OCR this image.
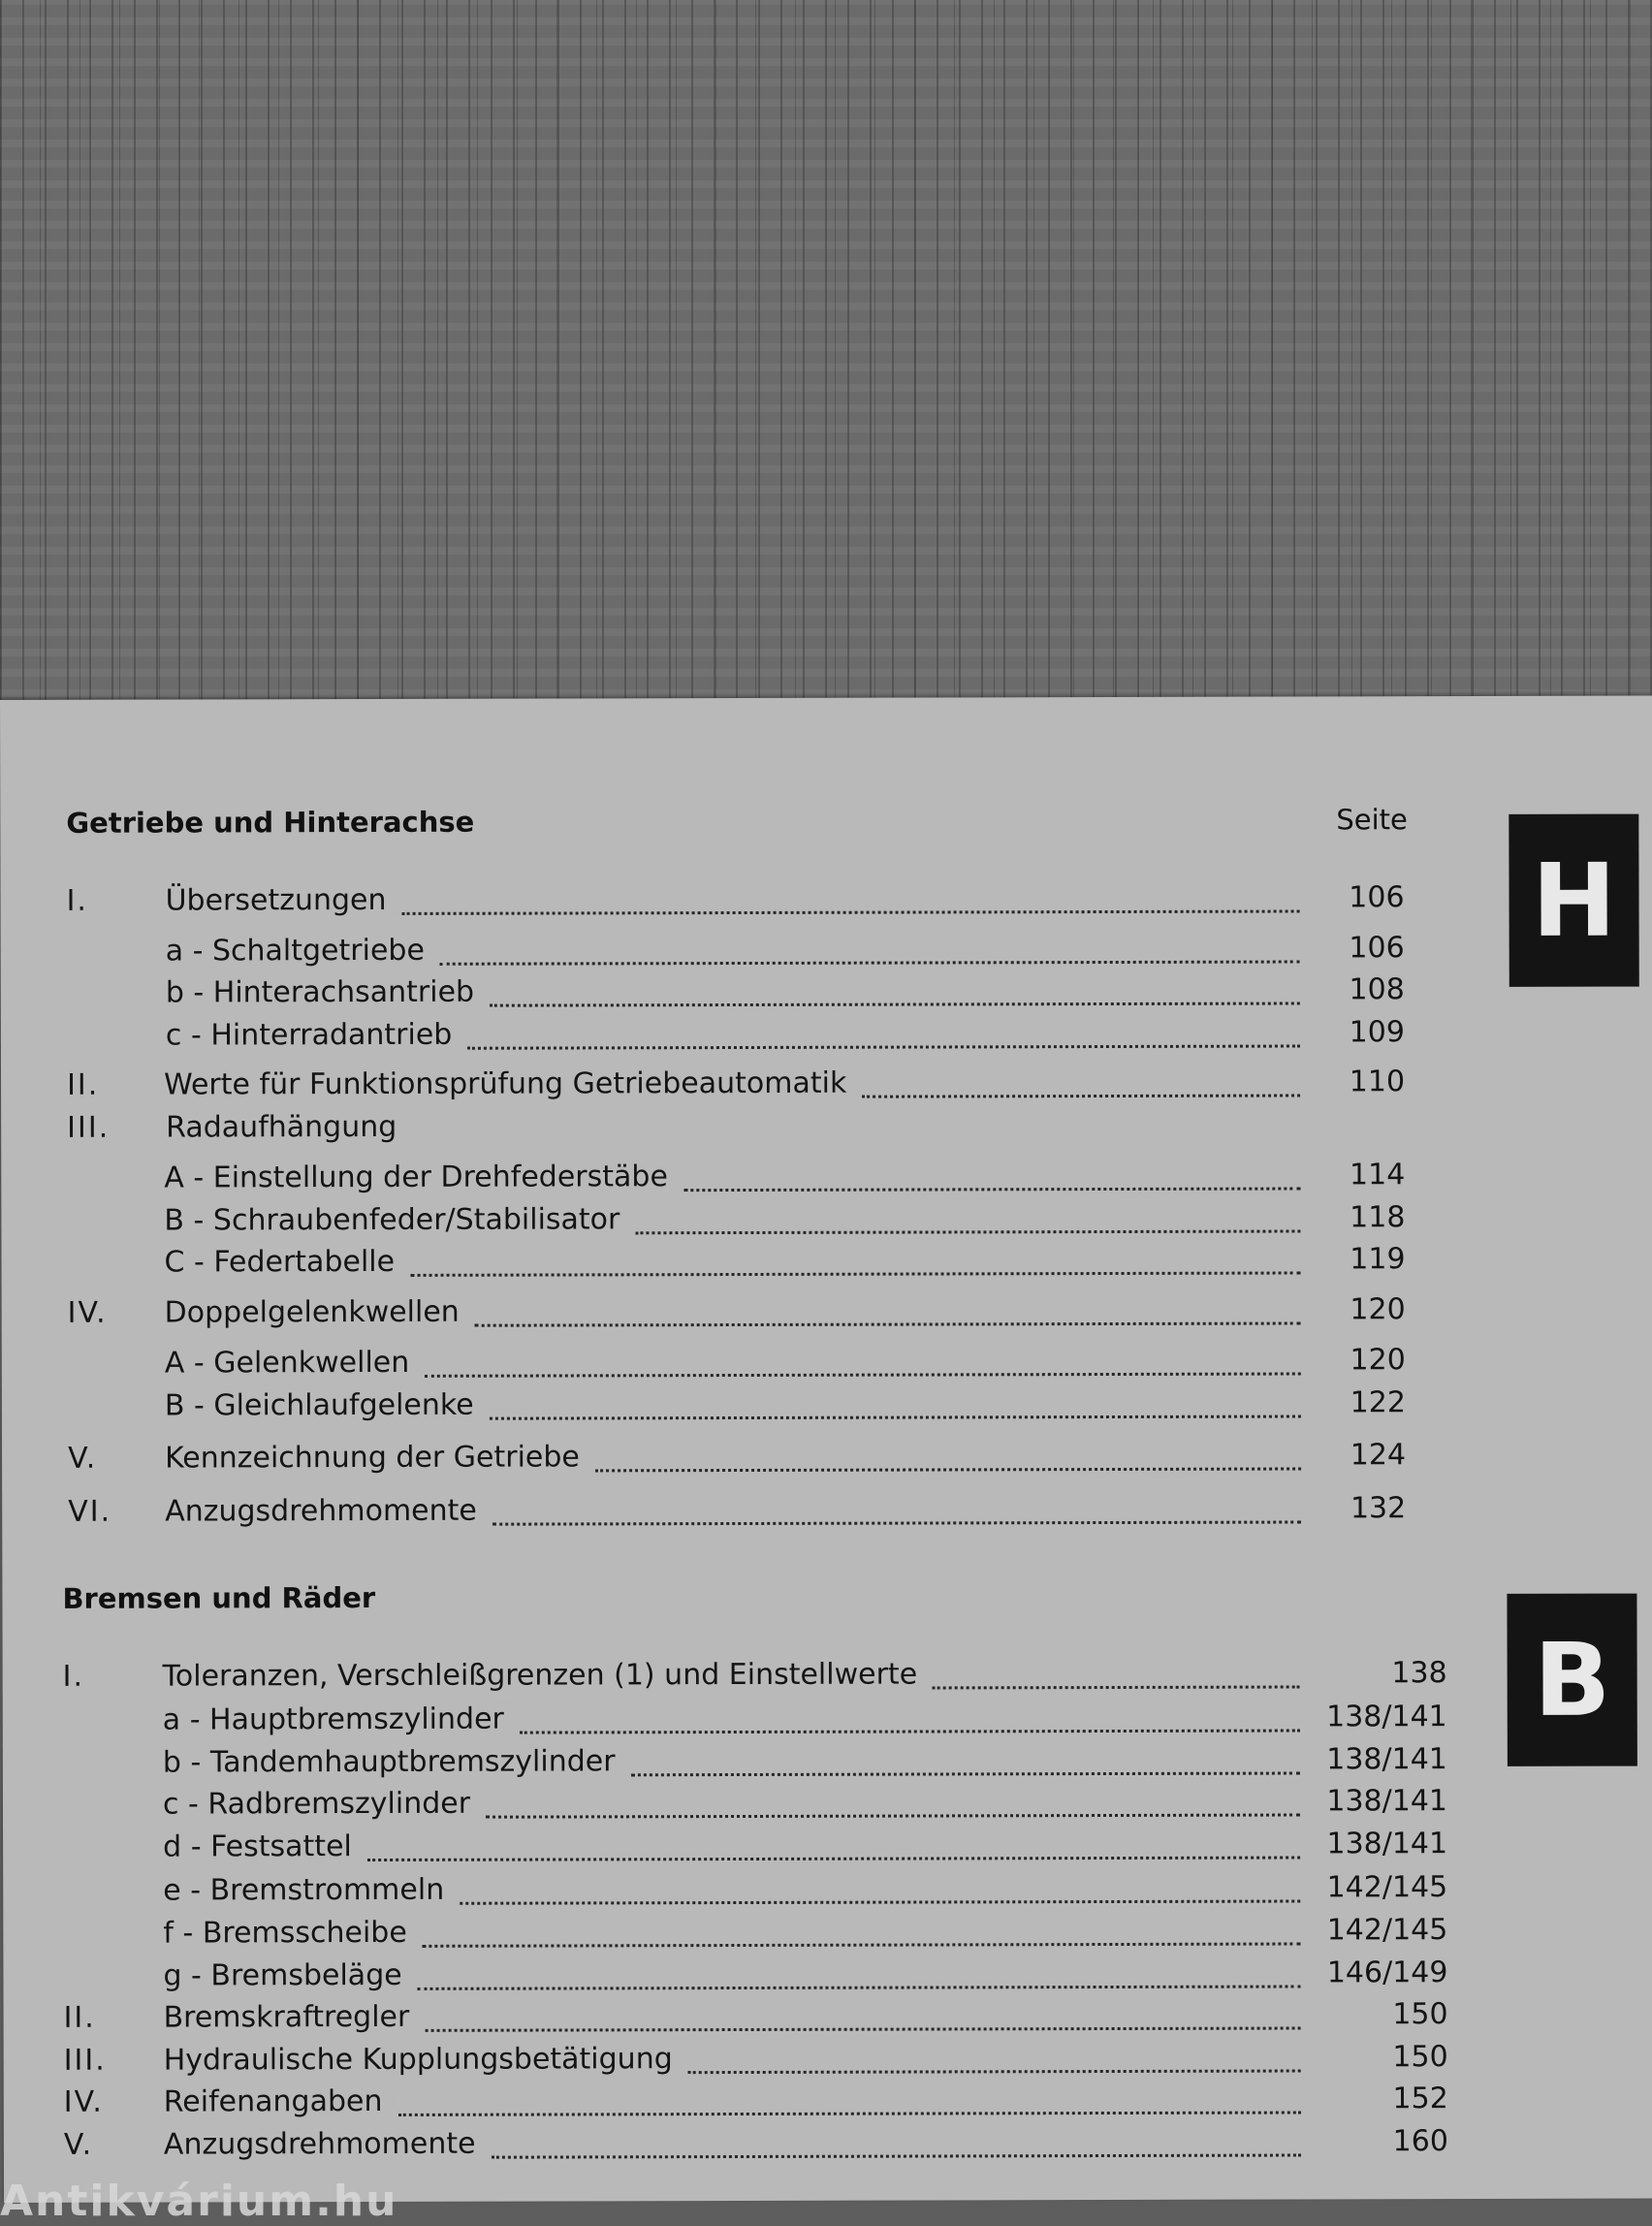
Getriebe und Hinterachse	Seite
H
I.	Übersetzungen	106
a - Schaltgetriebe	106
b - Hinterachsantrieb	108
c - Hinterradantrieb	109
II. Werte für Funktionsprüfung Getriebeautomatik	110
III. Radaufhängung
A - Einstellung der Drehfederstäbe	114
B - Schraubenfeder/Stabilisator	118
C - Federtabelle	119
IV. Doppelgelenkwellen	120
A - Gelenkwellen	120
B - Gleichlaufgelenke	122
V. Kennzeichnung der Getriebe	124
VI. Anzugsdrehmomente	132
Bremsen und Räder
B
I.	Toleranzen, Verschleißgrenzen (1) und Einstellwerte	138
a - Hauptbremszylinder	138/141
b - Tandemhauptbremszylinder	138/141
c - Radbremszylinder	138/141
d - Festsattel	138/141
e - Bremstrommeln	142/145
f - Bremsscheibe	142/145
g - Bremsbeläge	146/149
II. Bremskraftregler	150
III. Hydraulische Kupplungsbetätigung	150
IV. Reifenangaben	152
V. Anzugsdrehmomente	160
Antikvárium.hu
